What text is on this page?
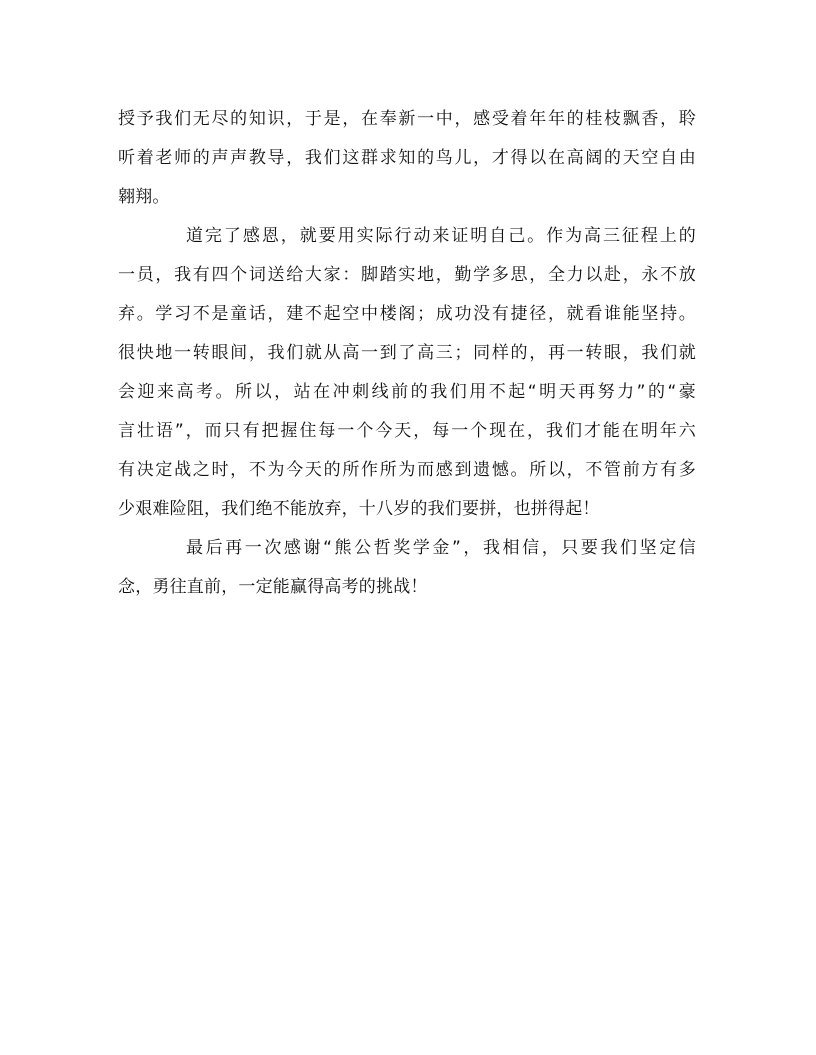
授予我们无尽的知识，于是，在奉新一中，感受着年年的桂枝飘香，聆
听着老师的声声教导，我们这群求知的鸟儿，才得以在高阔的天空自由
翱翔。
道完了感恩，就要用实际行动来证明自己。作为高三征程上的
一员，我有四个词送给大家：脚踏实地，勤学多思，全力以赴，永不放
弃。学习不是童话，建不起空中楼阁；成功没有捷径，就看谁能坚持。
很快地一转眼间，我们就从高一到了高三；同样的，再一转眼，我们就
会迎来高考。所以，站在冲刺线前的我们用不起“明天再努力”的“豪
言壮语”，而只有把握住每一个今天，每一个现在，我们才能在明年六
有决定战之时，不为今天的所作所为而感到遗憾。所以，不管前方有多
少艰难险阻，我们绝不能放弃，十八岁的我们要拼，也拼得起！
最后再一次感谢“熊公哲奖学金”，我相信，只要我们坚定信
念，勇往直前，一定能赢得高考的挑战！
